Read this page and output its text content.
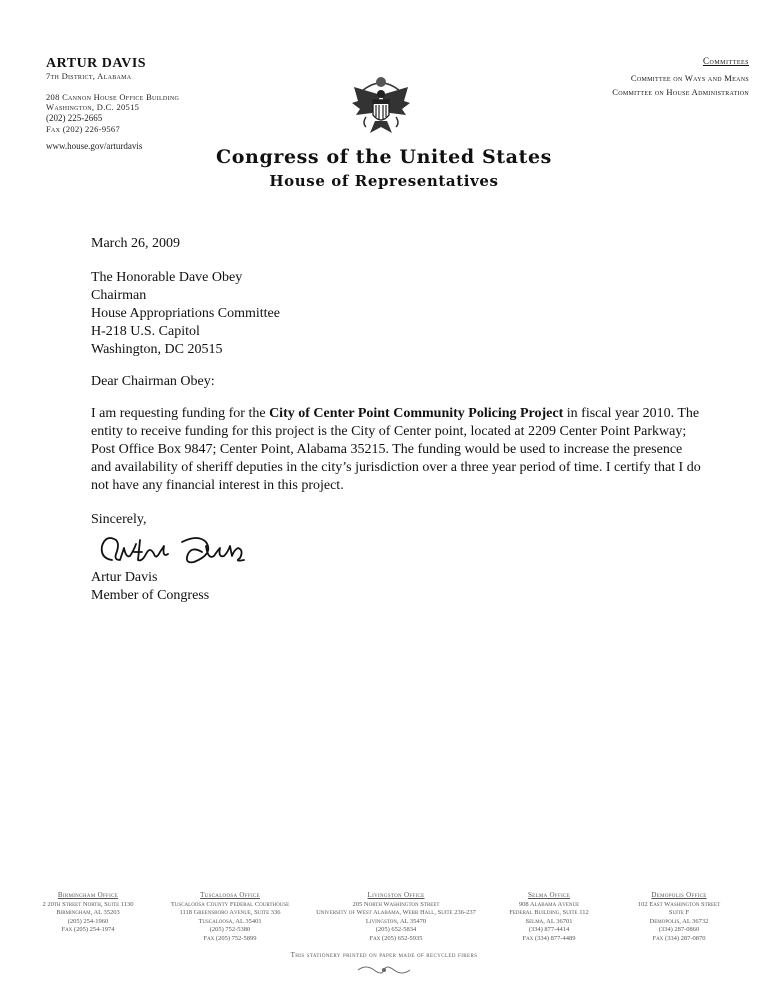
ARTUR DAVIS
7th District, Alabama
208 Cannon House Office Building
Washington, D.C. 20515
(202) 225-2665
Fax (202) 226-9567
www.house.gov/arturdavis
Committees
Committee on Ways and Means
Committee on House Administration
Congress of the United States
House of Representatives
March 26, 2009
The Honorable Dave Obey
Chairman
House Appropriations Committee
H-218 U.S. Capitol
Washington, DC 20515
Dear Chairman Obey:
I am requesting funding for the City of Center Point Community Policing Project in fiscal year 2010. The entity to receive funding for this project is the City of Center point, located at 2209 Center Point Parkway; Post Office Box 9847; Center Point, Alabama 35215. The funding would be used to increase the presence and availability of sheriff deputies in the city’s jurisdiction over a three year period of time. I certify that I do not have any financial interest in this project.
Sincerely,
Artur Davis
Member of Congress
Birmingham Office
2 20th Street North, Suite 1130
Birmingham, AL 35203
(205) 254-1960
Fax (205) 254-1974
Tuscaloosa Office
Tuscaloosa County Federal Courthouse
1118 Greensboro Avenue, Suite 336
Tuscaloosa, AL 35401
(205) 752-5380
Fax (205) 752-5899
Livingston Office
205 North Washington Street
University of West Alabama, Webb Hall, Suite 236-237
Livingston, AL 35470
(205) 652-5834
Fax (205) 652-5935
Selma Office
908 Alabama Avenue
Federal Building, Suite 112
Selma, AL 36701
(334) 877-4414
Fax (334) 877-4489
Demopolis Office
102 East Washington Street
Suite F
Demopolis, AL 36732
(334) 287-0860
Fax (334) 287-0870
This stationery printed on paper made of recycled fibers
